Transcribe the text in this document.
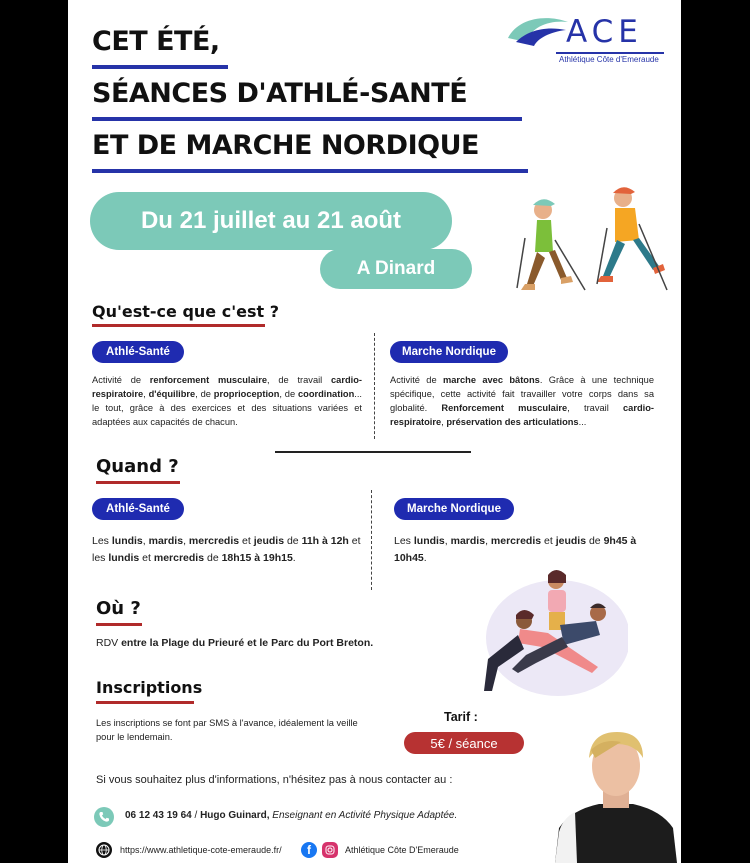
ACE
Athlétique Côte d'Emeraude
CET ÉTÉ,
SÉANCES D'ATHLÉ-SANTÉ
ET DE MARCHE NORDIQUE
Du 21 juillet au 21 août
A Dinard
Qu'est-ce que c'est ?
Athlé-Santé
Activité de renforcement musculaire, de travail cardio-respiratoire, d'équilibre, de proprioception, de coordination... le tout, grâce à des exercices et des situations variées et adaptées aux capacités de chacun.
Marche Nordique
Activité de marche avec bâtons. Grâce à une technique spécifique, cette activité fait travailler votre corps dans sa globalité. Renforcement musculaire, travail cardio-respiratoire, préservation des articulations...
Quand ?
Athlé-Santé
Les lundis, mardis, mercredis et jeudis de 11h à 12h et les lundis et mercredis de 18h15 à 19h15.
Marche Nordique
Les lundis, mardis, mercredis et jeudis de 9h45 à 10h45.
Où ?
RDV entre la Plage du Prieuré et le Parc du Port Breton.
Inscriptions
Les inscriptions se font par SMS à l'avance, idéalement la veille pour le lendemain.
Tarif :
5€ / séance
Si vous souhaitez plus d'informations, n'hésitez pas à nous contacter au :
06 12 43 19 64 / Hugo Guinard, Enseignant en Activité Physique Adaptée.
https://www.athletique-cote-emeraude.fr/	f	Athlétique Côte D'Emeraude
